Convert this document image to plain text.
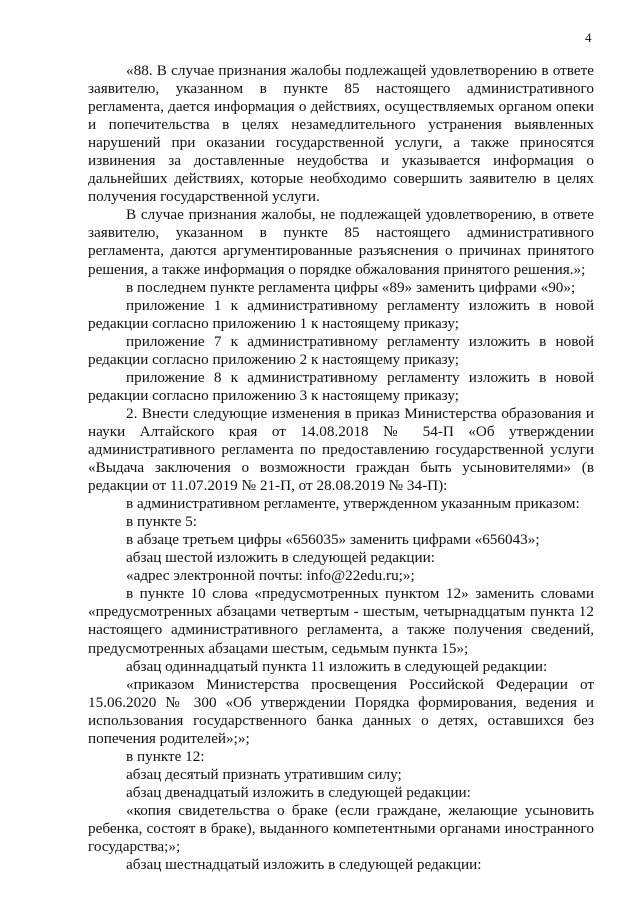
4

«88. В случае признания жалобы подлежащей удовлетворению в ответе заявителю, указанном в пункте 85 настоящего административного регламента, дается информация о действиях, осуществляемых органом опеки и попечительства в целях незамедлительного устранения выявленных нарушений при оказании государственной услуги, а также приносятся извинения за доставленные неудобства и указывается информация о дальнейших действиях, которые необходимо совершить заявителю в целях получения государственной услуги.

В случае признания жалобы, не подлежащей удовлетворению, в ответе заявителю, указанном в пункте 85 настоящего административного регламента, даются аргументированные разъяснения о причинах принятого решения, а также информация о порядке обжалования принятого решения.»;

в последнем пункте регламента цифры «89» заменить цифрами «90»;

приложение 1 к административному регламенту изложить в новой редакции согласно приложению 1 к настоящему приказу;

приложение 7 к административному регламенту изложить в новой редакции согласно приложению 2 к настоящему приказу;

приложение 8 к административному регламенту изложить в новой редакции согласно приложению 3 к настоящему приказу;

2. Внести следующие изменения в приказ Министерства образования и науки Алтайского края от 14.08.2018 № 54-П «Об утверждении административного регламента по предоставлению государственной услуги «Выдача заключения о возможности граждан быть усыновителями» (в редакции от 11.07.2019 № 21-П, от 28.08.2019 № 34-П):

в административном регламенте, утвержденном указанным приказом:

в пункте 5:

в абзаце третьем цифры «656035» заменить цифрами «656043»;

абзац шестой изложить в следующей редакции:

«адрес электронной почты: info@22edu.ru;»;

в пункте 10 слова «предусмотренных пунктом 12» заменить словами «предусмотренных абзацами четвертым - шестым, четырнадцатым пункта 12 настоящего административного регламента, а также получения сведений, предусмотренных абзацами шестым, седьмым пункта 15»;

абзац одиннадцатый пункта 11 изложить в следующей редакции:

«приказом Министерства просвещения Российской Федерации от 15.06.2020 № 300 «Об утверждении Порядка формирования, ведения и использования государственного банка данных о детях, оставшихся без попечения родителей»;»;

в пункте 12:

абзац десятый признать утратившим силу;

абзац двенадцатый изложить в следующей редакции:

«копия свидетельства о браке (если граждане, желающие усыновить ребенка, состоят в браке), выданного компетентными органами иностранного государства;»;

абзац шестнадцатый изложить в следующей редакции:
